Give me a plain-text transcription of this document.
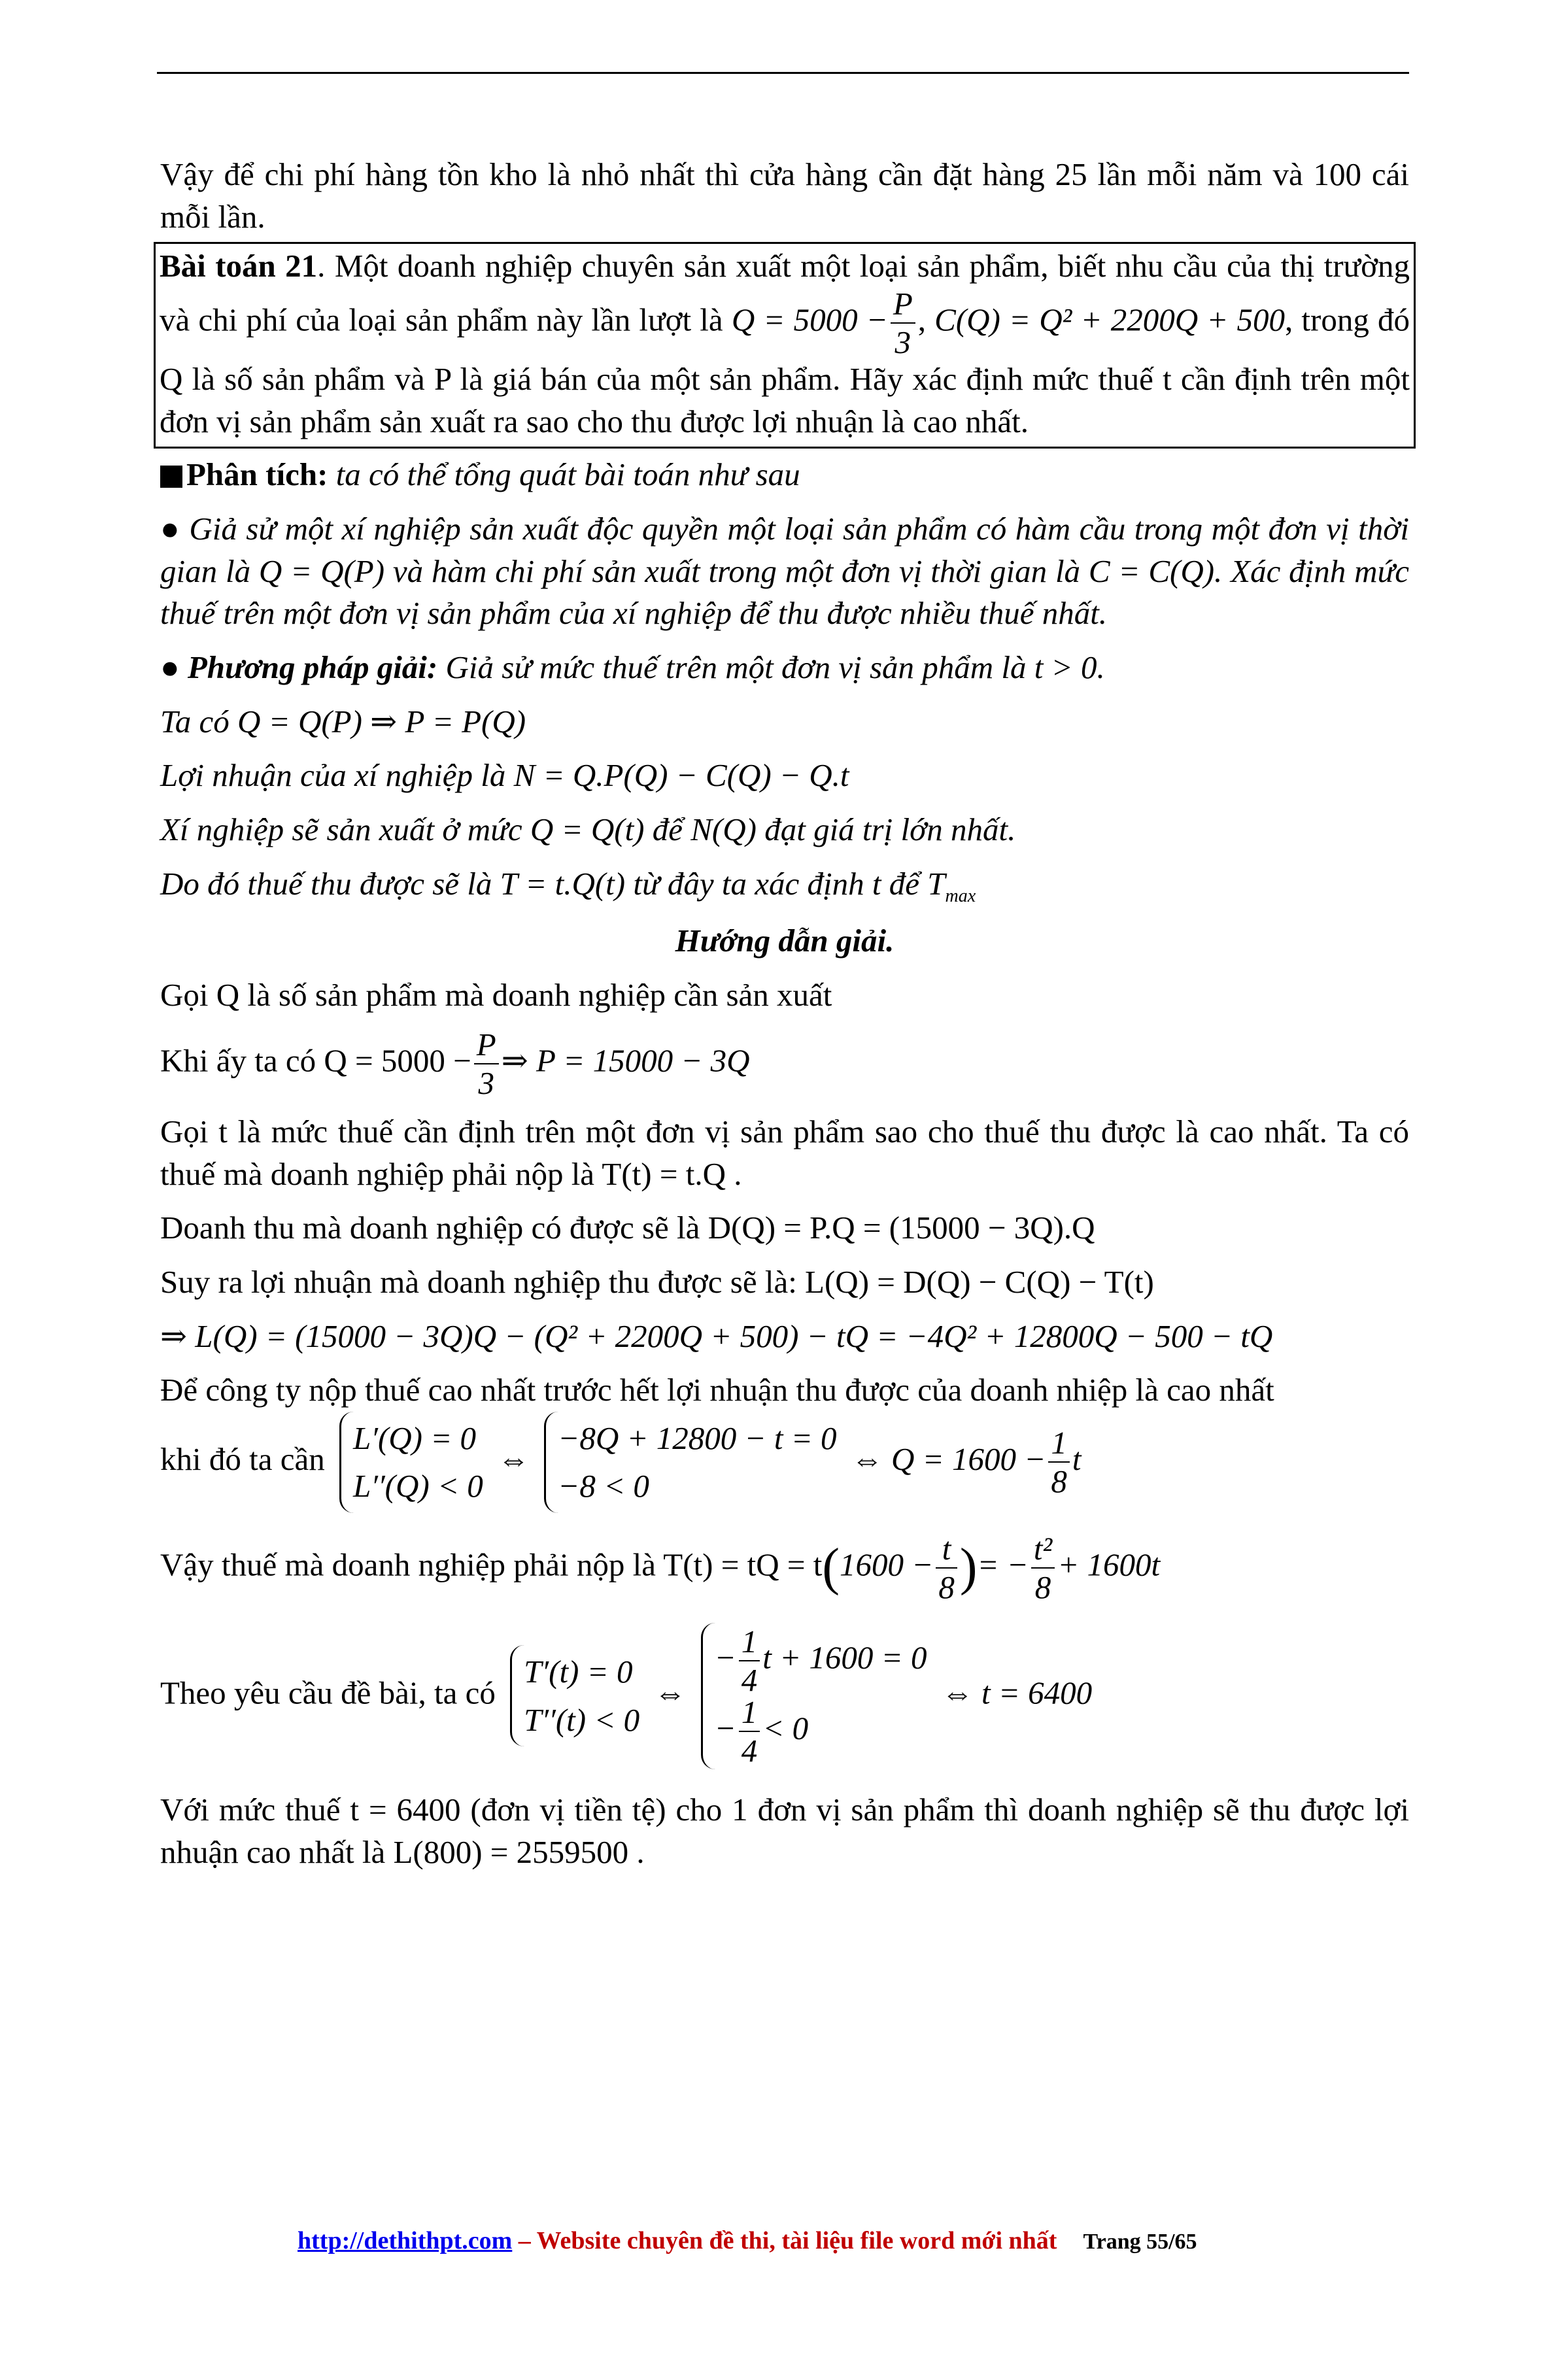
Vậy để chi phí hàng tồn kho là nhỏ nhất thì cửa hàng cần đặt hàng 25 lần mỗi năm và 100 cái mỗi lần.

Bài toán 21. Một doanh nghiệp chuyên sản xuất một loại sản phẩm, biết nhu cầu của thị trường và chi phí của loại sản phẩm này lần lượt là $Q = 5000 - \frac{P}{3}$ , C(Q) = Q² + 2200Q + 500, trong đó Q là số sản phẩm và P là giá bán của một sản phẩm. Hãy xác định mức thuế t cần định trên một đơn vị sản phẩm sản xuất ra sao cho thu được lợi nhuận là cao nhất.

Phân tích: ta có thể tổng quát bài toán như sau

● Giả sử một xí nghiệp sản xuất độc quyền một loại sản phẩm có hàm cầu trong một đơn vị thời gian là Q = Q(P) và hàm chi phí sản xuất trong một đơn vị thời gian là C = C(Q). Xác định mức thuế trên một đơn vị sản phẩm của xí nghiệp để thu được nhiều thuế nhất.

● Phương pháp giải: Giả sử mức thuế trên một đơn vị sản phẩm là t > 0.

Ta có Q = Q(P) ⇒ P = P(Q)

Lợi nhuận của xí nghiệp là N = Q.P(Q) − C(Q) − Q.t

Xí nghiệp sẽ sản xuất ở mức Q = Q(t) để N(Q) đạt giá trị lớn nhất.

Do đó thuế thu được sẽ là T = t.Q(t) từ đây ta xác định t để $T_{max}$

Hướng dẫn giải.

Gọi Q là số sản phẩm mà doanh nghiệp cần sản xuất

Khi ấy ta có $Q = 5000 - \frac{P}{3}$ ⇒ P = 15000 − 3Q

Gọi t là mức thuế cần định trên một đơn vị sản phẩm sao cho thuế thu được là cao nhất. Ta có thuế mà doanh nghiệp phải nộp là T(t) = t.Q .

Doanh thu mà doanh nghiệp có được sẽ là D(Q) = P.Q = (15000 − 3Q).Q

Suy ra lợi nhuận mà doanh nghiệp thu được sẽ là: L(Q) = D(Q) − C(Q) − T(t)

⇒ L(Q) = (15000 − 3Q)Q − (Q² + 2200Q + 500) − tQ = −4Q² + 12800Q − 500 − tQ

Để công ty nộp thuế cao nhất trước hết lợi nhuận thu được của doanh nhiệp là cao nhất

khi đó ta cần
L′(Q) = 0
L′′(Q) < 0
⇔
−8Q + 12800 − t = 0
−8 < 0
⇔ $Q = 1600 - \frac{1}{8}$ t

Vậy thuế mà doanh nghiệp phải nộp là T(t) = tQ = $t(1600 - \frac{t}{8}$ )= − $\frac{\text{t²}}{8} + 1600t$

Theo yêu cầu đề bài, ta có
T′(t) = 0
T′′(t) < 0
⇔
− $\frac{1}{4}$ t + 1600 = 0
− $\frac{1}{4} < 0$
⇔ t = 6400

Với mức thuế t = 6400 (đơn vị tiền tệ) cho 1 đơn vị sản phẩm thì doanh nghiệp sẽ thu được lợi nhuận cao nhất là L(800) = 2559500 .

http://dethithpt.com – Website chuyên đề thi, tài liệu file word mới nhất Trang 55/65
